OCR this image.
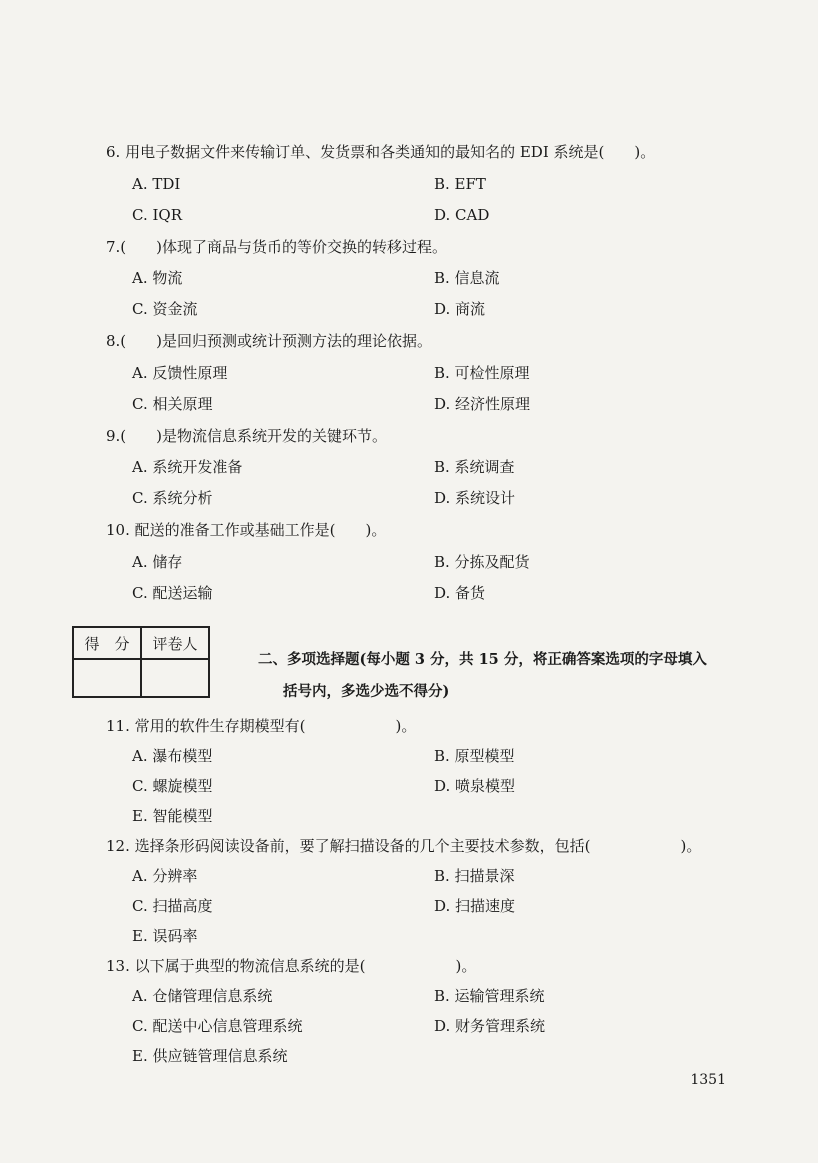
6. 用电子数据文件来传输订单、发货票和各类通知的最知名的 EDI 系统是(　　)。
A. TDI	B. EFT
C. IQR	D. CAD
7.(　　)体现了商品与货币的等价交换的转移过程。
A. 物流	B. 信息流
C. 资金流	D. 商流
8.(　　)是回归预测或统计预测方法的理论依据。
A. 反馈性原理	B. 可检性原理
C. 相关原理	D. 经济性原理
9.(　　)是物流信息系统开发的关键环节。
A. 系统开发准备	B. 系统调查
C. 系统分析	D. 系统设计
10. 配送的准备工作或基础工作是(　　)。
A. 储存	B. 分拣及配货
C. 配送运输	D. 备货
得　分	评卷人

二、多项选择题(每小题 3 分，共 15 分，将正确答案选项的字母填入
括号内，多选少选不得分)
11. 常用的软件生存期模型有(　　　　　　)。
A. 瀑布模型	B. 原型模型
C. 螺旋模型	D. 喷泉模型
E. 智能模型
12. 选择条形码阅读设备前，要了解扫描设备的几个主要技术参数，包括(　　　　　　)。
A. 分辨率	B. 扫描景深
C. 扫描高度	D. 扫描速度
E. 误码率
13. 以下属于典型的物流信息系统的是(　　　　　　)。
A. 仓储管理信息系统	B. 运输管理系统
C. 配送中心信息管理系统	D. 财务管理系统
E. 供应链管理信息系统
1351
